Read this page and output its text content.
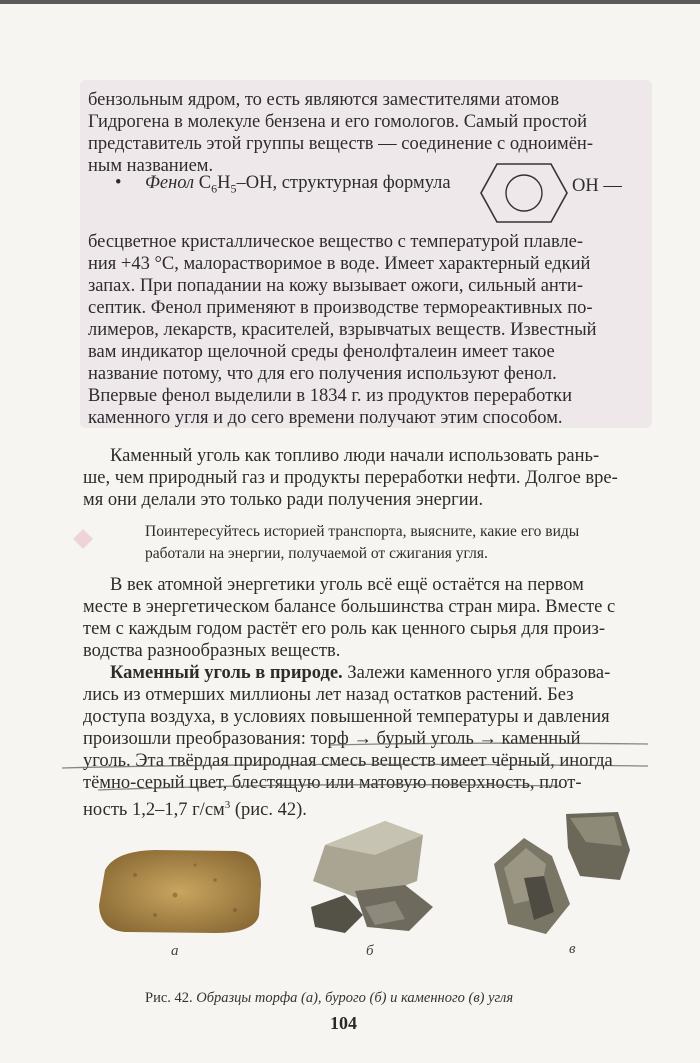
бензольным ядром, то есть являются заместителями атомов

Гидрогена в молекуле бензена и его гомологов. Самый простой

представитель этой группы веществ — соединение с одноимён-

ным названием.

• Фенол $C_6H_5-OH$, структурная формула	OH —

бесцветное кристаллическое вещество с температурой плавле-

ния +43 °С, малорастворимое в воде. Имеет характерный едкий

запах. При попадании на кожу вызывает ожоги, сильный анти-

септик. Фенол применяют в производстве термореактивных по-

лимеров, лекарств, красителей, взрывчатых веществ. Известный

вам индикатор щелочной среды фенолфталеин имеет такое

название потому, что для его получения используют фенол.

Впервые фенол выделили в 1834 г. из продуктов переработки

каменного угля и до сего времени получают этим способом.

Каменный уголь как топливо люди начали использовать рань-

ше, чем природный газ и продукты переработки нефти. Долгое вре-

мя они делали это только ради получения энергии.

Поинтересуйтесь историей транспорта, выясните, какие его виды

работали на энергии, получаемой от сжигания угля.

В век атомной энергетики уголь всё ещё остаётся на первом

месте в энергетическом балансе большинства стран мира. Вместе с

тем с каждым годом растёт его роль как ценного сырья для произ-

водства разнообразных веществ.

Каменный уголь в природе. Залежи каменного угля образова-

лись из отмерших миллионы лет назад остатков растений. Без

доступа воздуха, в условиях повышенной температуры и давления

произошли преобразования: торф → бурый уголь → каменный

уголь. Эта твёрдая природная смесь веществ имеет чёрный, иногда

тёмно-серый цвет, блестящую или матовую поверхность, плот-

ность 1,2–1,7 $г/см^3$ (рис. 42).

а	б	в

Рис. 42. Образцы торфа (а), бурого (б) и каменного (в) угля

104
